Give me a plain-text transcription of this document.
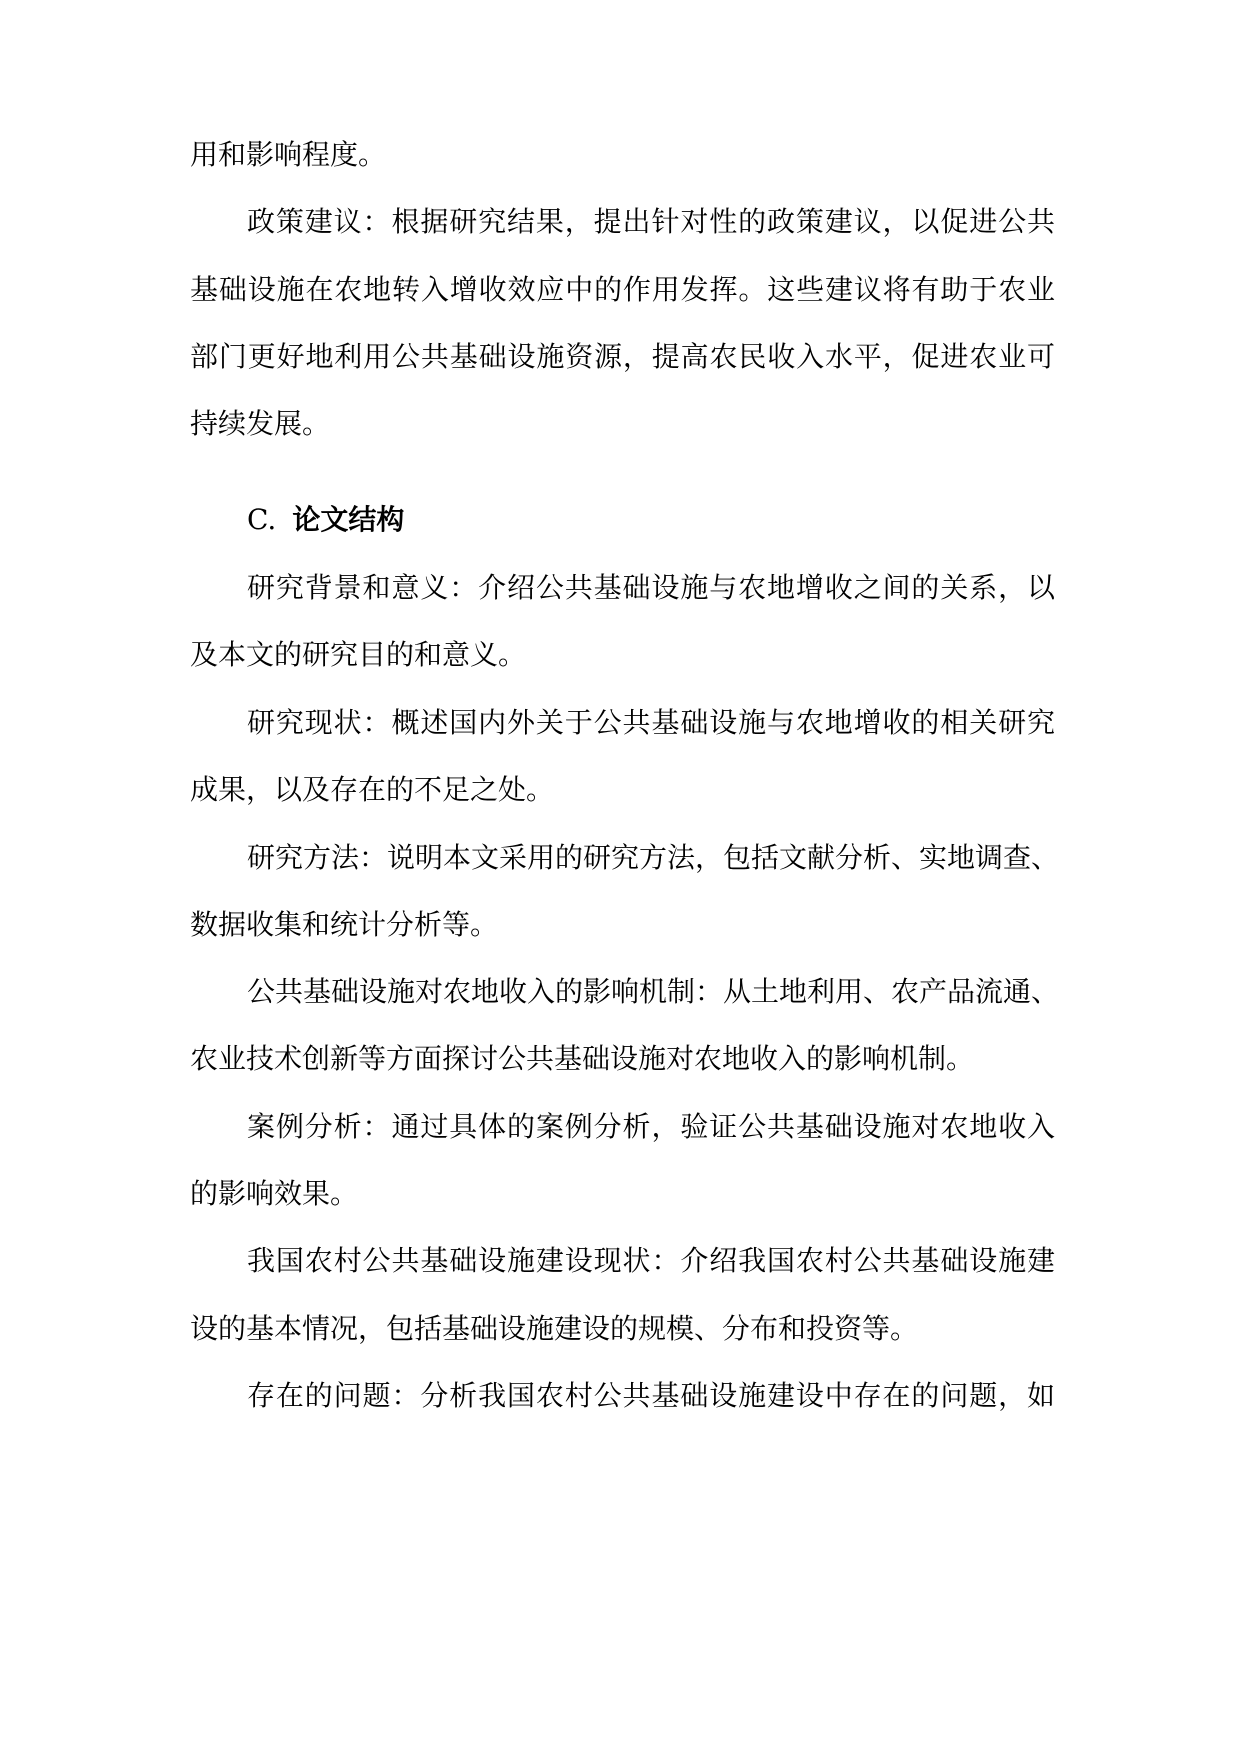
用和影响程度。
政策建议：根据研究结果，提出针对性的政策建议，以促进公共
基础设施在农地转入增收效应中的作用发挥。这些建议将有助于农业
部门更好地利用公共基础设施资源，提高农民收入水平，促进农业可
持续发展。
C. 论文结构
研究背景和意义：介绍公共基础设施与农地增收之间的关系，以
及本文的研究目的和意义。
研究现状：概述国内外关于公共基础设施与农地增收的相关研究
成果，以及存在的不足之处。
研究方法：说明本文采用的研究方法，包括文献分析、实地调查、
数据收集和统计分析等。
公共基础设施对农地收入的影响机制：从土地利用、农产品流通、
农业技术创新等方面探讨公共基础设施对农地收入的影响机制。
案例分析：通过具体的案例分析，验证公共基础设施对农地收入
的影响效果。
我国农村公共基础设施建设现状：介绍我国农村公共基础设施建
设的基本情况，包括基础设施建设的规模、分布和投资等。
存在的问题：分析我国农村公共基础设施建设中存在的问题，如
